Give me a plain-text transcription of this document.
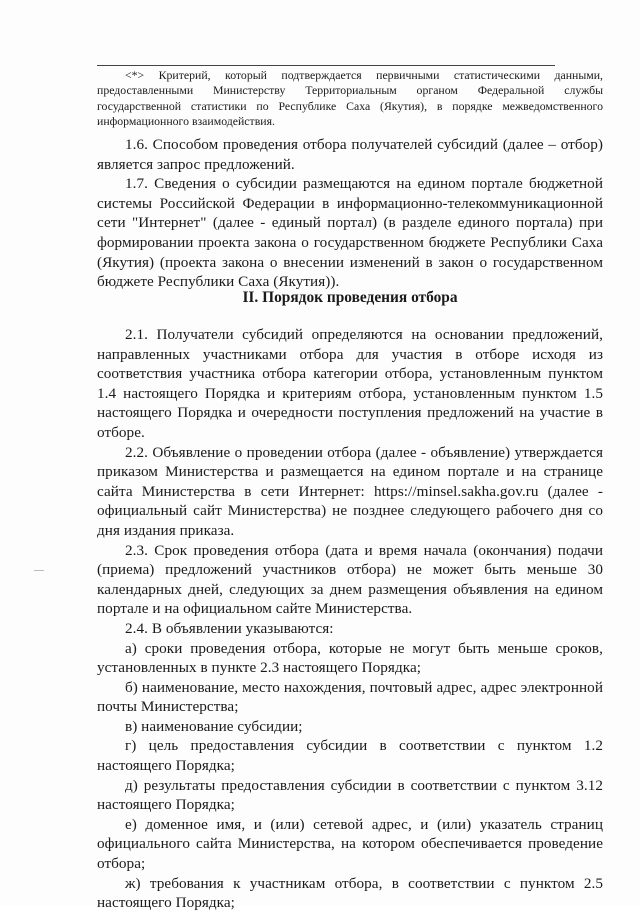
<*> Критерий, который подтверждается первичными статистическими данными, предоставленными Министерству Территориальным органом Федеральной службы государственной статистики по Республике Саха (Якутия), в порядке межведомственного информационного взаимодействия.

1.6. Способом проведения отбора получателей субсидий (далее – отбор) является запрос предложений.

1.7. Сведения о субсидии размещаются на едином портале бюджетной системы Российской Федерации в информационно-телекоммуникационной сети "Интернет" (далее - единый портал) (в разделе единого портала) при формировании проекта закона о государственном бюджете Республики Саха (Якутия) (проекта закона о внесении изменений в закон о государственном бюджете Республики Саха (Якутия)).

II. Порядок проведения отбора

2.1. Получатели субсидий определяются на основании предложений, направленных участниками отбора для участия в отборе исходя из соответствия участника отбора категории отбора, установленным пунктом 1.4 настоящего Порядка и критериям отбора, установленным пунктом 1.5 настоящего Порядка и очередности поступления предложений на участие в отборе.

2.2. Объявление о проведении отбора (далее - объявление) утверждается приказом Министерства и размещается на едином портале и на странице сайта Министерства в сети Интернет: https://minsel.sakha.gov.ru (далее - официальный сайт Министерства) не позднее следующего рабочего дня со дня издания приказа.

2.3. Срок проведения отбора (дата и время начала (окончания) подачи (приема) предложений участников отбора) не может быть меньше 30 календарных дней, следующих за днем размещения объявления на едином портале и на официальном сайте Министерства.

2.4. В объявлении указываются:

а) сроки проведения отбора, которые не могут быть меньше сроков, установленных в пункте 2.3 настоящего Порядка;

б) наименование, место нахождения, почтовый адрес, адрес электронной почты Министерства;

в) наименование субсидии;

г) цель предоставления субсидии в соответствии с пунктом 1.2 настоящего Порядка;

д) результаты предоставления субсидии в соответствии с пунктом 3.12 настоящего Порядка;

е) доменное имя, и (или) сетевой адрес, и (или) указатель страниц официального сайта Министерства, на котором обеспечивается проведение отбора;

ж) требования к участникам отбора, в соответствии с пунктом 2.5 настоящего Порядка;
